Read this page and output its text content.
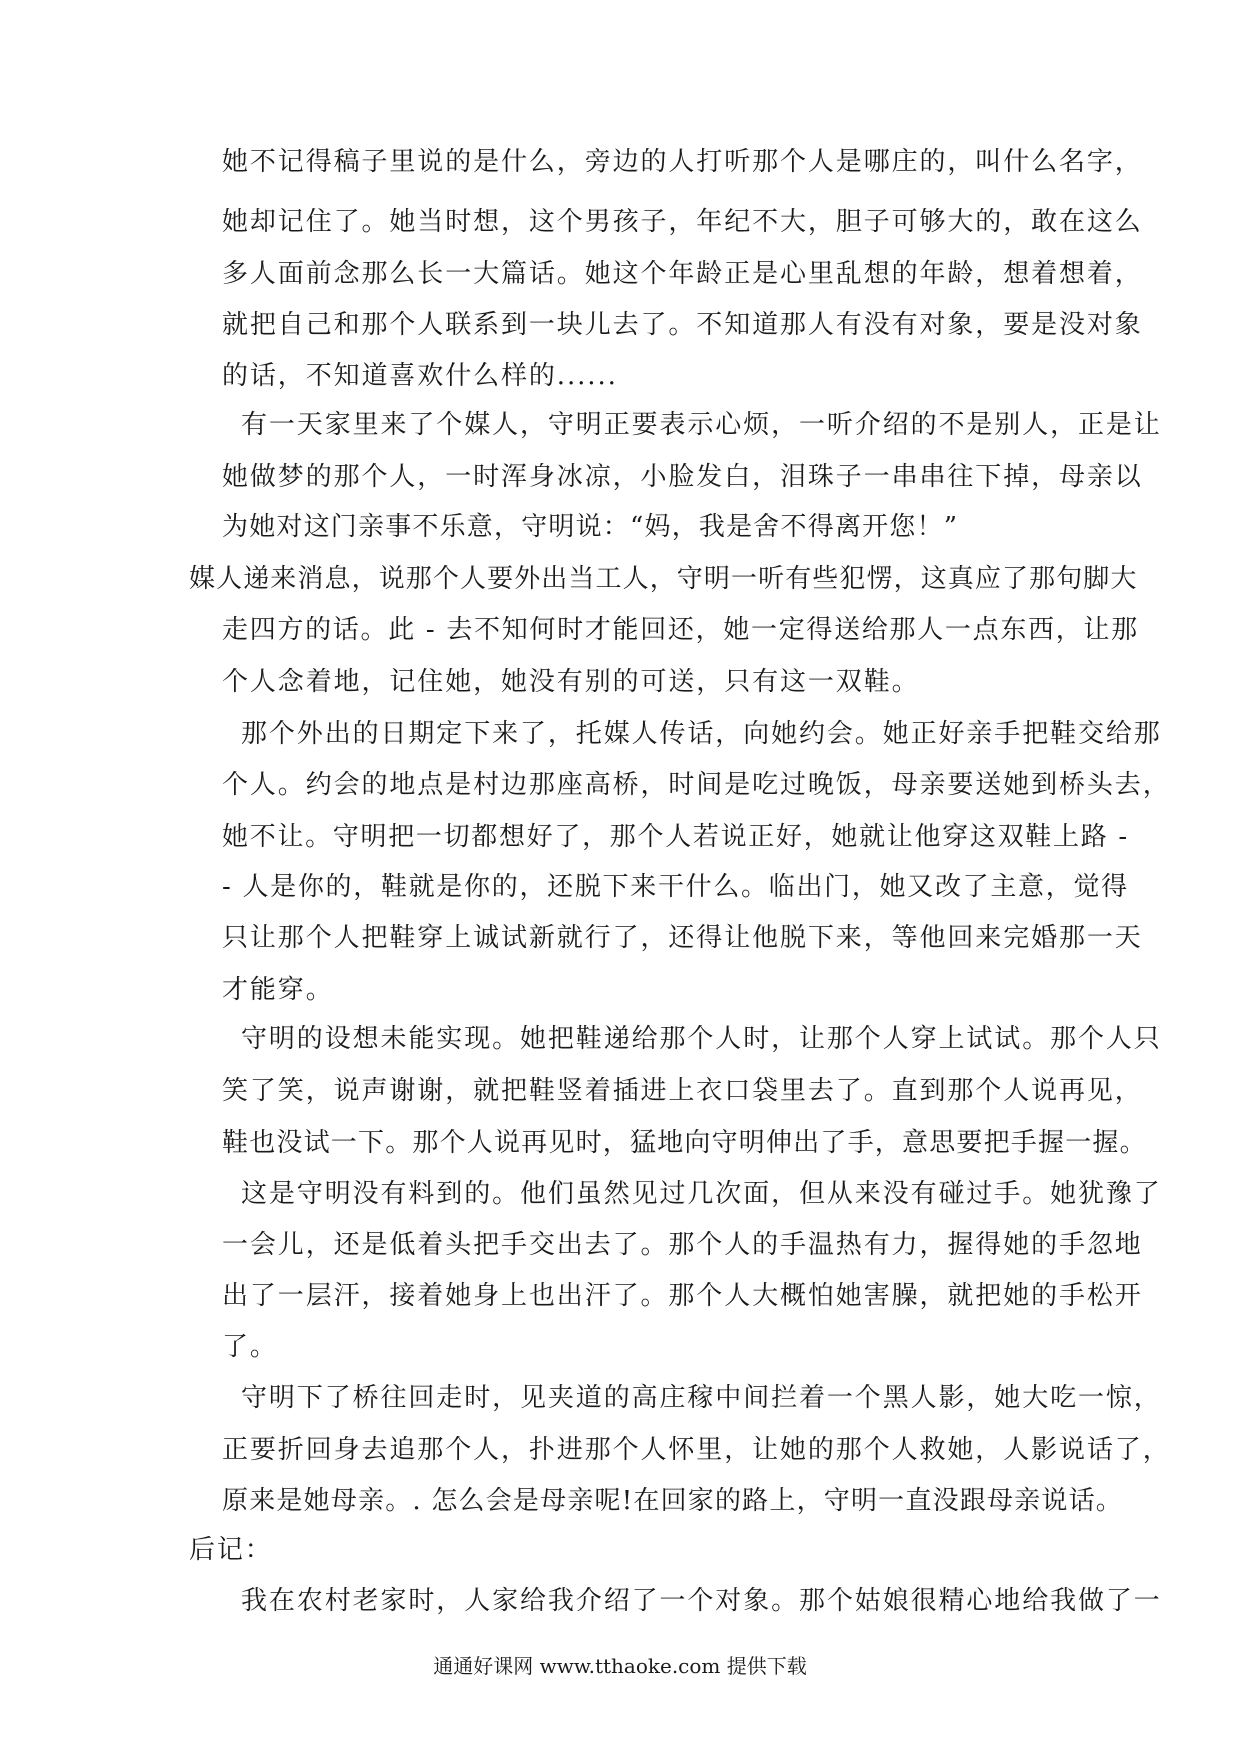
她不记得稿子里说的是什么，旁边的人打听那个人是哪庄的，叫什么名字，
她却记住了。她当时想，这个男孩子，年纪不大，胆子可够大的，敢在这么
多人面前念那么长一大篇话。她这个年龄正是心里乱想的年龄，想着想着，
就把自己和那个人联系到一块儿去了。不知道那人有没有对象，要是没对象
的话，不知道喜欢什么样的......
有一天家里来了个媒人，守明正要表示心烦，一听介绍的不是别人，正是让
她做梦的那个人，一时浑身冰凉，小脸发白，泪珠子一串串往下掉，母亲以
为她对这门亲事不乐意，守明说：“妈，我是舍不得离开您！”
媒人递来消息，说那个人要外出当工人，守明一听有些犯愣，这真应了那句脚大
走四方的话。此 - 去不知何时才能回还，她一定得送给那人一点东西，让那
个人念着地，记住她，她没有别的可送，只有这一双鞋。
那个外出的日期定下来了，托媒人传话，向她约会。她正好亲手把鞋交给那
个人。约会的地点是村边那座高桥，时间是吃过晚饭，母亲要送她到桥头去，
她不让。守明把一切都想好了，那个人若说正好，她就让他穿这双鞋上路 -
- 人是你的，鞋就是你的，还脱下来干什么。临出门，她又改了主意，觉得
只让那个人把鞋穿上诚试新就行了，还得让他脱下来，等他回来完婚那一天
才能穿。
守明的设想未能实现。她把鞋递给那个人时，让那个人穿上试试。那个人只
笑了笑，说声谢谢，就把鞋竖着插进上衣口袋里去了。直到那个人说再见，
鞋也没试一下。那个人说再见时，猛地向守明伸出了手，意思要把手握一握。
这是守明没有料到的。他们虽然见过几次面，但从来没有碰过手。她犹豫了
一会儿，还是低着头把手交出去了。那个人的手温热有力，握得她的手忽地
出了一层汗，接着她身上也出汗了。那个人大概怕她害臊，就把她的手松开
了。
守明下了桥往回走时，见夹道的高庄稼中间拦着一个黑人影，她大吃一惊，
正要折回身去追那个人，扑进那个人怀里，让她的那个人救她，人影说话了，
原来是她母亲。. 怎么会是母亲呢!在回家的路上，守明一直没跟母亲说话。
后记：
我在农村老家时，人家给我介绍了一个对象。那个姑娘很精心地给我做了一
通通好课网 www.tthaoke.com 提供下载
